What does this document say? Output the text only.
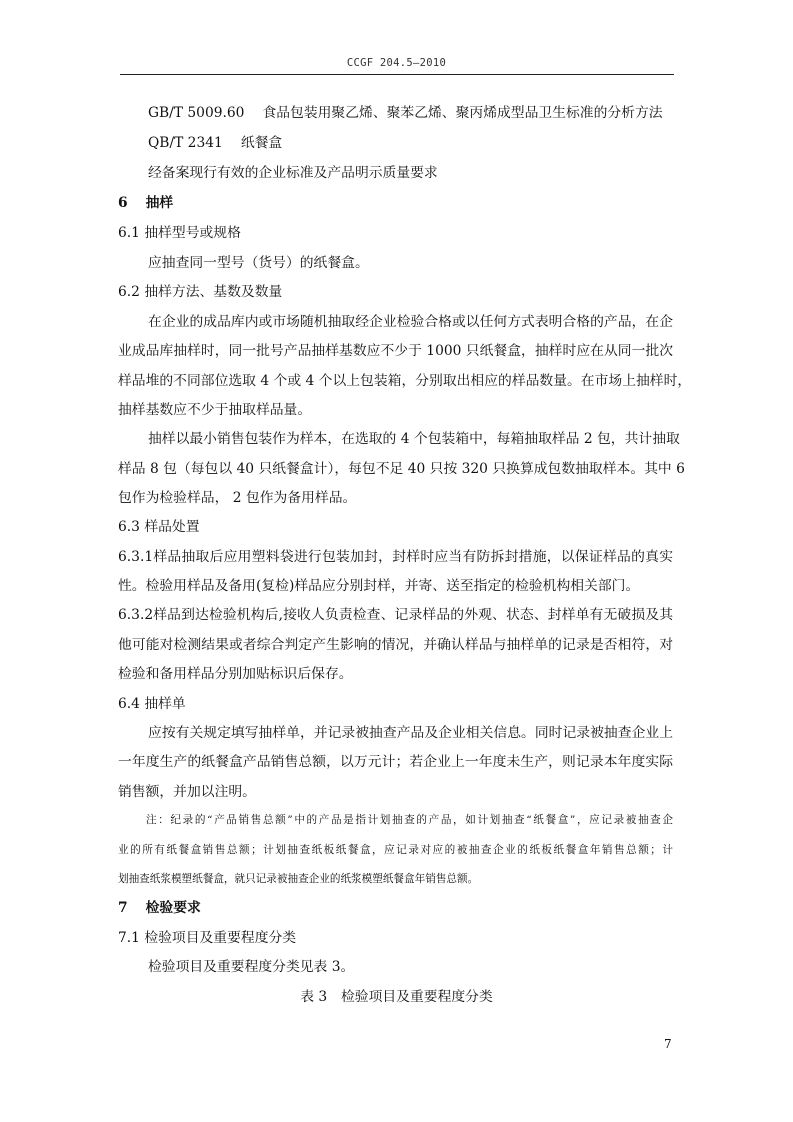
CCGF 204.5—2010
GB/T 5009.60 食品包装用聚乙烯、聚苯乙烯、聚丙烯成型品卫生标准的分析方法
QB/T 2341 纸餐盒
经备案现行有效的企业标准及产品明示质量要求
6 抽样
6.1 抽样型号或规格
应抽查同一型号（货号）的纸餐盒。
6.2 抽样方法、基数及数量
在企业的成品库内或市场随机抽取经企业检验合格或以任何方式表明合格的产品，在企
业成品库抽样时，同一批号产品抽样基数应不少于 1000 只纸餐盒，抽样时应在从同一批次
样品堆的不同部位选取 4 个或 4 个以上包装箱，分别取出相应的样品数量。在市场上抽样时，
抽样基数应不少于抽取样品量。
抽样以最小销售包装作为样本，在选取的 4 个包装箱中，每箱抽取样品 2 包，共计抽取
样品 8 包（每包以 40 只纸餐盒计），每包不足 40 只按 320 只换算成包数抽取样本。其中 6
包作为检验样品， 2 包作为备用样品。
6.3 样品处置
6.3.1样品抽取后应用塑料袋进行包装加封，封样时应当有防拆封措施，以保证样品的真实
性。检验用样品及备用(复检)样品应分别封样，并寄、送至指定的检验机构相关部门。
6.3.2样品到达检验机构后,接收人负责检查、记录样品的外观、状态、封样单有无破损及其
他可能对检测结果或者综合判定产生影响的情况，并确认样品与抽样单的记录是否相符，对
检验和备用样品分别加贴标识后保存。
6.4 抽样单
应按有关规定填写抽样单，并记录被抽查产品及企业相关信息。同时记录被抽查企业上
一年度生产的纸餐盒产品销售总额，以万元计；若企业上一年度未生产，则记录本年度实际
销售额，并加以注明。
注：纪录的“产品销售总额”中的产品是指计划抽查的产品，如计划抽查“纸餐盒”，应记录被抽查企
业的所有纸餐盒销售总额；计划抽查纸板纸餐盒，应记录对应的被抽查企业的纸板纸餐盒年销售总额；计
划抽查纸浆模塑纸餐盒，就只记录被抽查企业的纸浆模塑纸餐盒年销售总额。
7 检验要求
7.1 检验项目及重要程度分类
检验项目及重要程度分类见表 3。
表 3　检验项目及重要程度分类
7
